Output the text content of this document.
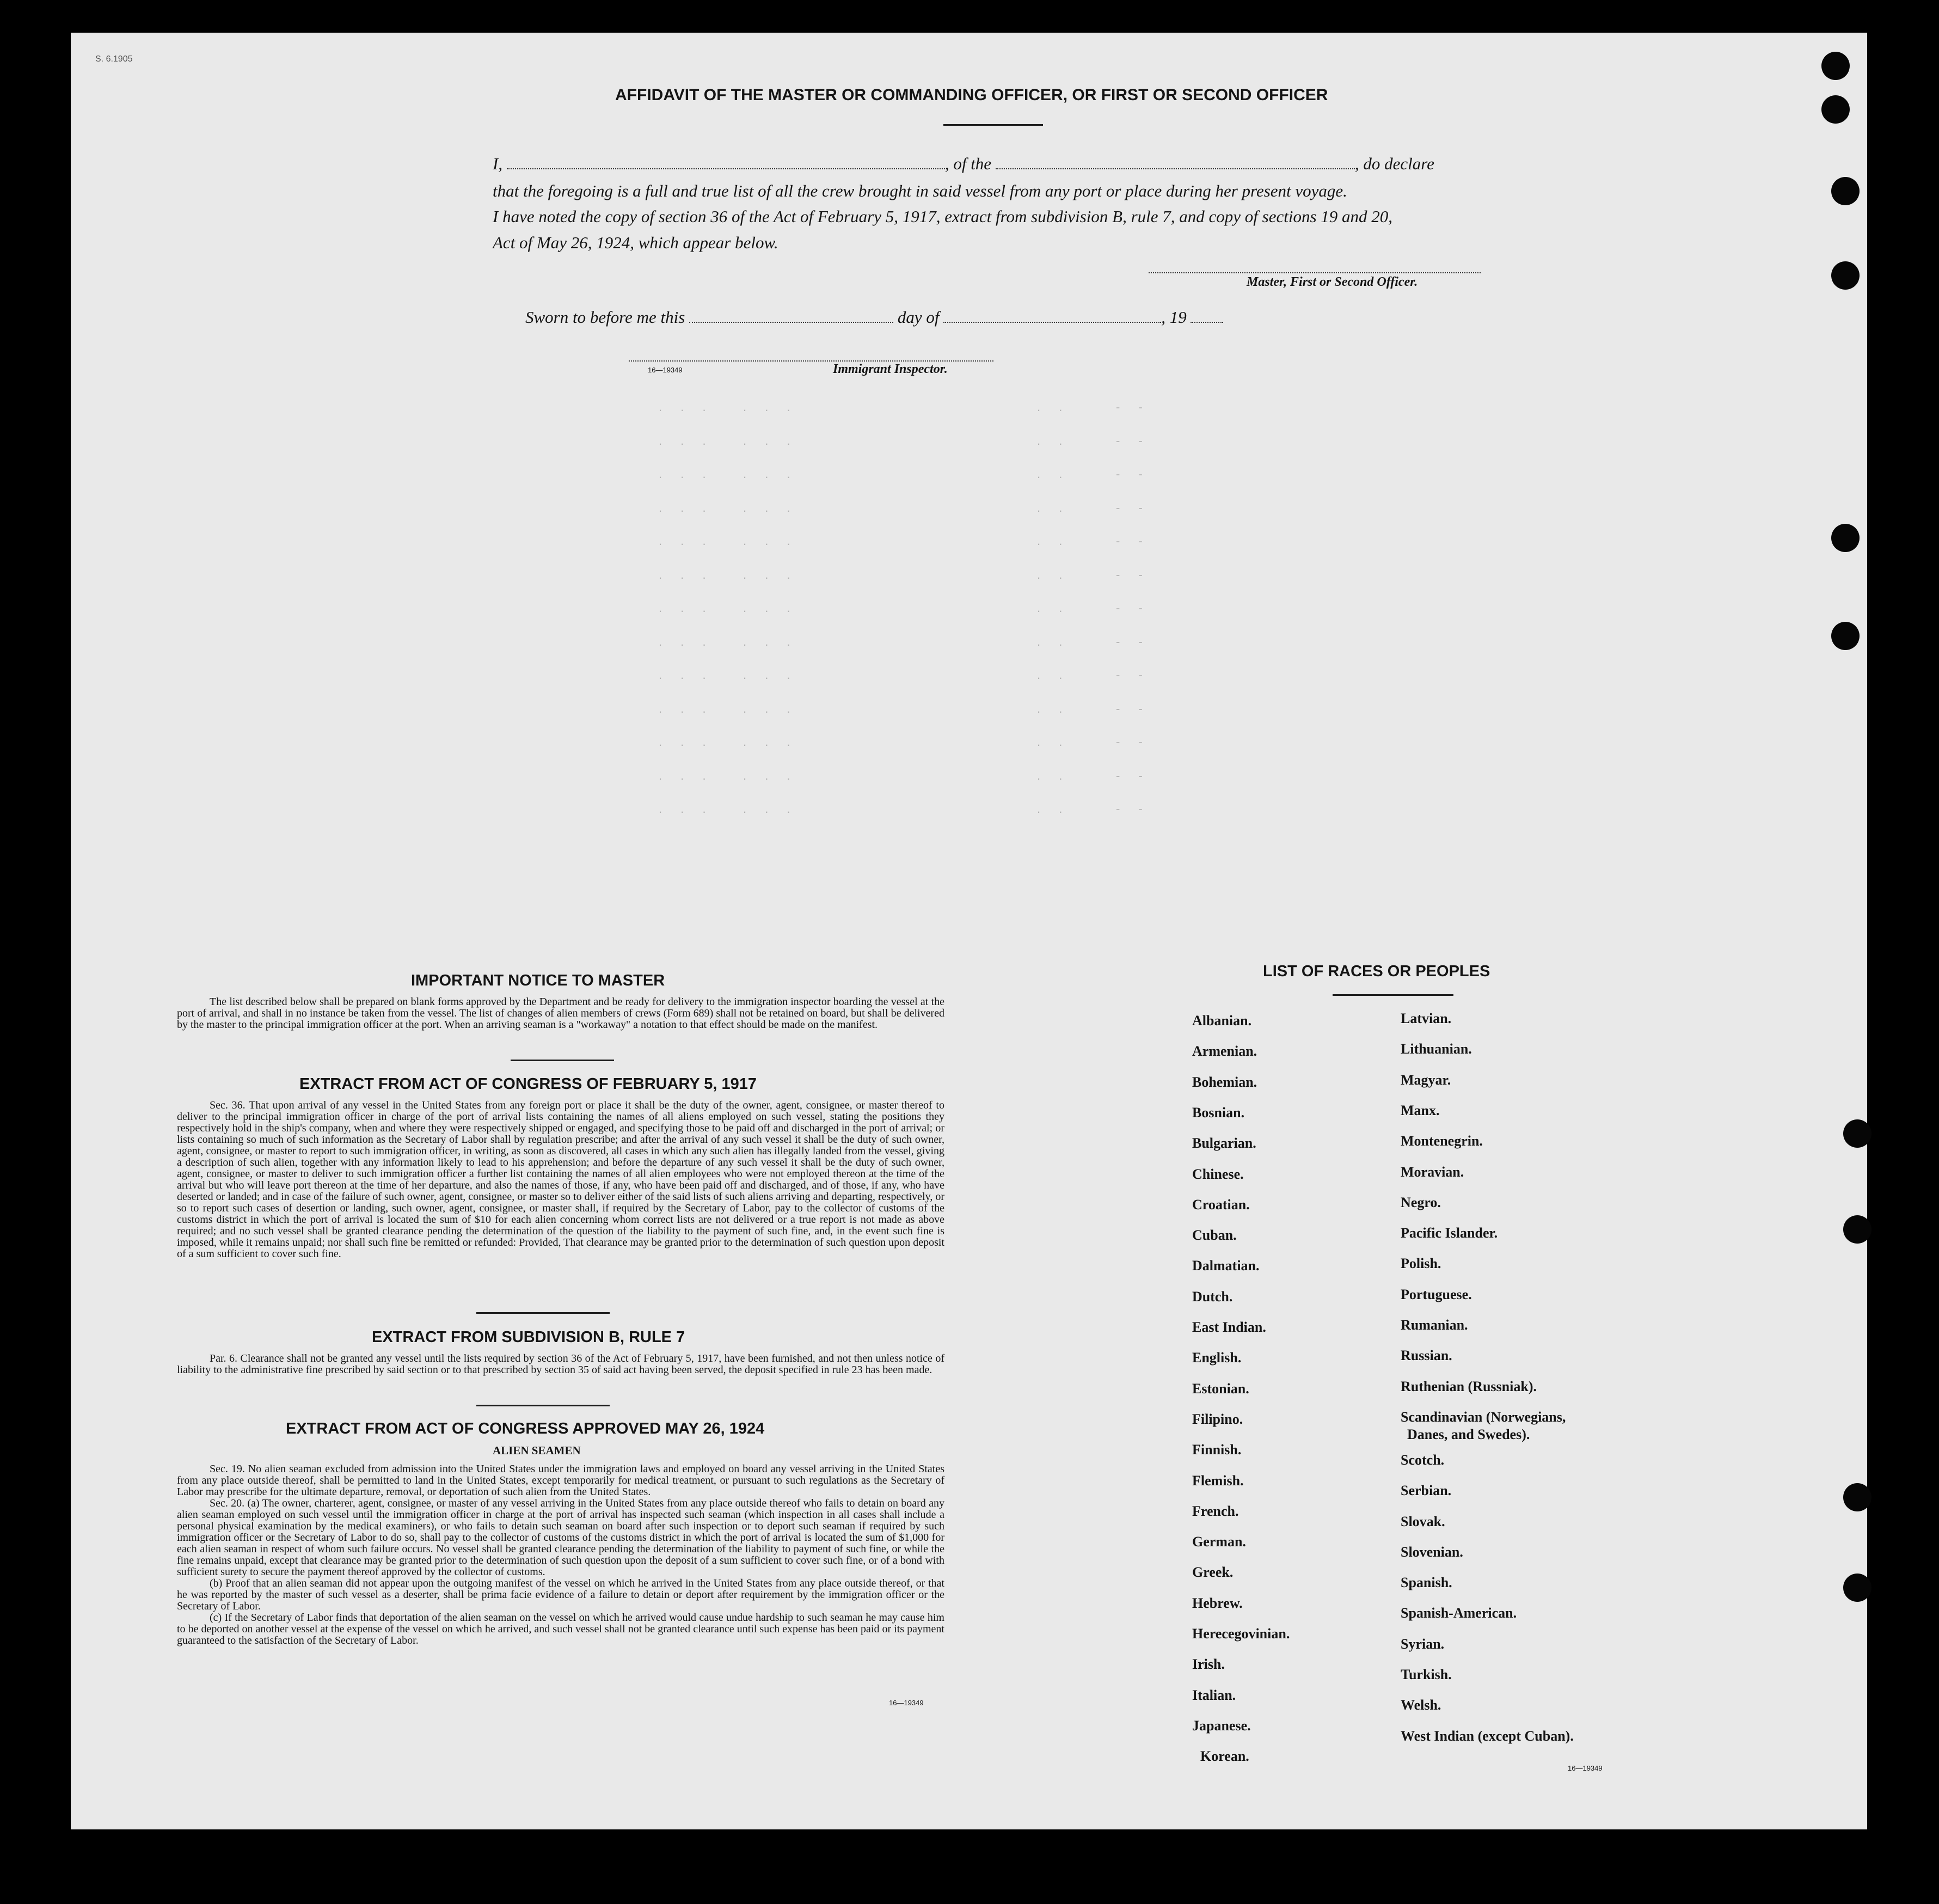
S. 6.1905
AFFIDAVIT OF THE MASTER OR COMMANDING OFFICER, OR FIRST OR SECOND OFFICER
I,	, of the	, do declare
that the foregoing is a full and true list of all the crew brought in said vessel from any port or place during her present voyage.
I have noted the copy of section 36 of the Act of February 5, 1917, extract from subdivision B, rule 7, and copy of sections 19 and 20,
Act of May 26, 1924, which appear below.
Master, First or Second Officer.
Sworn to before me this	day of	, 19
16—19349	Immigrant Inspector.
. . . . . .	. .	- -
. . . . . .	. .	- -
. . . . . .	. .	- -
. . . . . .	. .	- -
. . . . . .	. .	- -
. . . . . .	. .	- -
. . . . . .	. .	- -
. . . . . .	. .	- -
. . . . . .	. .	- -
. . . . . .	. .	- -
. . . . . .	. .	- -
. . . . . .	. .	- -
. . . . . .	. .	- -
IMPORTANT NOTICE TO MASTER

The list described below shall be prepared on blank forms approved by the Department and be ready for delivery to the immigration inspector boarding the vessel at the port of arrival, and shall in no instance be taken from the vessel. The list of changes of alien members of crews (Form 689) shall not be retained on board, but shall be delivered by the master to the principal immigration officer at the port. When an arriving seaman is a "workaway" a notation to that effect should be made on the manifest.

EXTRACT FROM ACT OF CONGRESS OF FEBRUARY 5, 1917

Sec. 36. That upon arrival of any vessel in the United States from any foreign port or place it shall be the duty of the owner, agent, consignee, or master thereof to deliver to the principal immigration officer in charge of the port of arrival lists containing the names of all aliens employed on such vessel, stating the positions they respectively hold in the ship's company, when and where they were respectively shipped or engaged, and specifying those to be paid off and discharged in the port of arrival; or lists containing so much of such information as the Secretary of Labor shall by regulation prescribe; and after the arrival of any such vessel it shall be the duty of such owner, agent, consignee, or master to report to such immigration officer, in writing, as soon as discovered, all cases in which any such alien has illegally landed from the vessel, giving a description of such alien, together with any information likely to lead to his apprehension; and before the departure of any such vessel it shall be the duty of such owner, agent, consignee, or master to deliver to such immigration officer a further list containing the names of all alien employees who were not employed thereon at the time of the arrival but who will leave port thereon at the time of her departure, and also the names of those, if any, who have been paid off and discharged, and of those, if any, who have deserted or landed; and in case of the failure of such owner, agent, consignee, or master so to deliver either of the said lists of such aliens arriving and departing, respectively, or so to report such cases of desertion or landing, such owner, agent, consignee, or master shall, if required by the Secretary of Labor, pay to the collector of customs of the customs district in which the port of arrival is located the sum of $10 for each alien concerning whom correct lists are not delivered or a true report is not made as above required; and no such vessel shall be granted clearance pending the determination of the question of the liability to the payment of such fine, and, in the event such fine is imposed, while it remains unpaid; nor shall such fine be remitted or refunded: Provided, That clearance may be granted prior to the determination of such question upon deposit of a sum sufficient to cover such fine.

EXTRACT FROM SUBDIVISION B, RULE 7

Par. 6. Clearance shall not be granted any vessel until the lists required by section 36 of the Act of February 5, 1917, have been furnished, and not then unless notice of liability to the administrative fine prescribed by said section or to that prescribed by section 35 of said act having been served, the deposit specified in rule 23 has been made.

EXTRACT FROM ACT OF CONGRESS APPROVED MAY 26, 1924
ALIEN SEAMEN

Sec. 19. No alien seaman excluded from admission into the United States under the immigration laws and employed on board any vessel arriving in the United States from any place outside thereof, shall be permitted to land in the United States, except temporarily for medical treatment, or pursuant to such regulations as the Secretary of Labor may prescribe for the ultimate departure, removal, or deportation of such alien from the United States.

Sec. 20. (a) The owner, charterer, agent, consignee, or master of any vessel arriving in the United States from any place outside thereof who fails to detain on board any alien seaman employed on such vessel until the immigration officer in charge at the port of arrival has inspected such seaman (which inspection in all cases shall include a personal physical examination by the medical examiners), or who fails to detain such seaman on board after such inspection or to deport such seaman if required by such immigration officer or the Secretary of Labor to do so, shall pay to the collector of customs of the customs district in which the port of arrival is located the sum of $1,000 for each alien seaman in respect of whom such failure occurs. No vessel shall be granted clearance pending the determination of the liability to payment of such fine, or while the fine remains unpaid, except that clearance may be granted prior to the determination of such question upon the deposit of a sum sufficient to cover such fine, or of a bond with sufficient surety to secure the payment thereof approved by the collector of customs.

(b) Proof that an alien seaman did not appear upon the outgoing manifest of the vessel on which he arrived in the United States from any place outside thereof, or that he was reported by the master of such vessel as a deserter, shall be prima facie evidence of a failure to detain or deport after requirement by the immigration officer or the Secretary of Labor.

(c) If the Secretary of Labor finds that deportation of the alien seaman on the vessel on which he arrived would cause undue hardship to such seaman he may cause him to be deported on another vessel at the expense of the vessel on which he arrived, and such vessel shall not be granted clearance until such expense has been paid or its payment guaranteed to the satisfaction of the Secretary of Labor.

16—19349
LIST OF RACES OR PEOPLES
Albanian.
Armenian.
Bohemian.
Bosnian.
Bulgarian.
Chinese.
Croatian.
Cuban.
Dalmatian.
Dutch.
East Indian.
English.
Estonian.
Filipino.
Finnish.
Flemish.
French.
German.
Greek.
Hebrew.
Herecegovinian.
Irish.
Italian.
Japanese.
Korean.
Latvian.
Lithuanian.
Magyar.
Manx.
Montenegrin.
Moravian.
Negro.
Pacific Islander.
Polish.
Portuguese.
Rumanian.
Russian.
Ruthenian (Russniak).
Scandinavian (Norwegians,
Danes, and Swedes).
Scotch.
Serbian.
Slovak.
Slovenian.
Spanish.
Spanish-American.
Syrian.
Turkish.
Welsh.
West Indian (except Cuban).
16—19349
